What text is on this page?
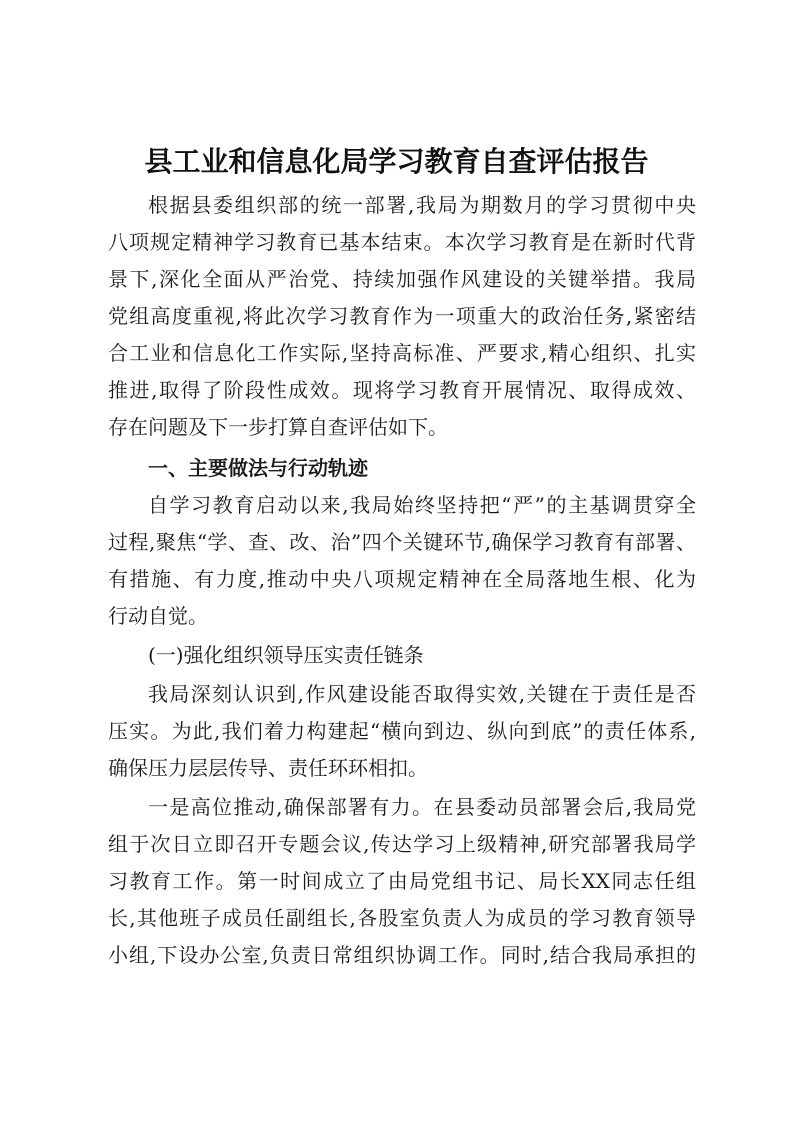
县工业和信息化局学习教育自查评估报告
根据县委组织部的统一部署,我局为期数月的学习贯彻中央
八项规定精神学习教育已基本结束。本次学习教育是在新时代背
景下,深化全面从严治党、持续加强作风建设的关键举措。我局
党组高度重视,将此次学习教育作为一项重大的政治任务,紧密结
合工业和信息化工作实际,坚持高标准、严要求,精心组织、扎实
推进,取得了阶段性成效。现将学习教育开展情况、取得成效、
存在问题及下一步打算自查评估如下。
一、主要做法与行动轨迹
自学习教育启动以来,我局始终坚持把“严”的主基调贯穿全
过程,聚焦“学、查、改、治”四个关键环节,确保学习教育有部署、
有措施、有力度,推动中央八项规定精神在全局落地生根、化为
行动自觉。
(一)强化组织领导压实责任链条
我局深刻认识到,作风建设能否取得实效,关键在于责任是否
压实。为此,我们着力构建起“横向到边、纵向到底”的责任体系,
确保压力层层传导、责任环环相扣。
一是高位推动,确保部署有力。在县委动员部署会后,我局党
组于次日立即召开专题会议,传达学习上级精神,研究部署我局学
习教育工作。第一时间成立了由局党组书记、局长XX同志任组
长,其他班子成员任副组长,各股室负责人为成员的学习教育领导
小组,下设办公室,负责日常组织协调工作。同时,结合我局承担的
